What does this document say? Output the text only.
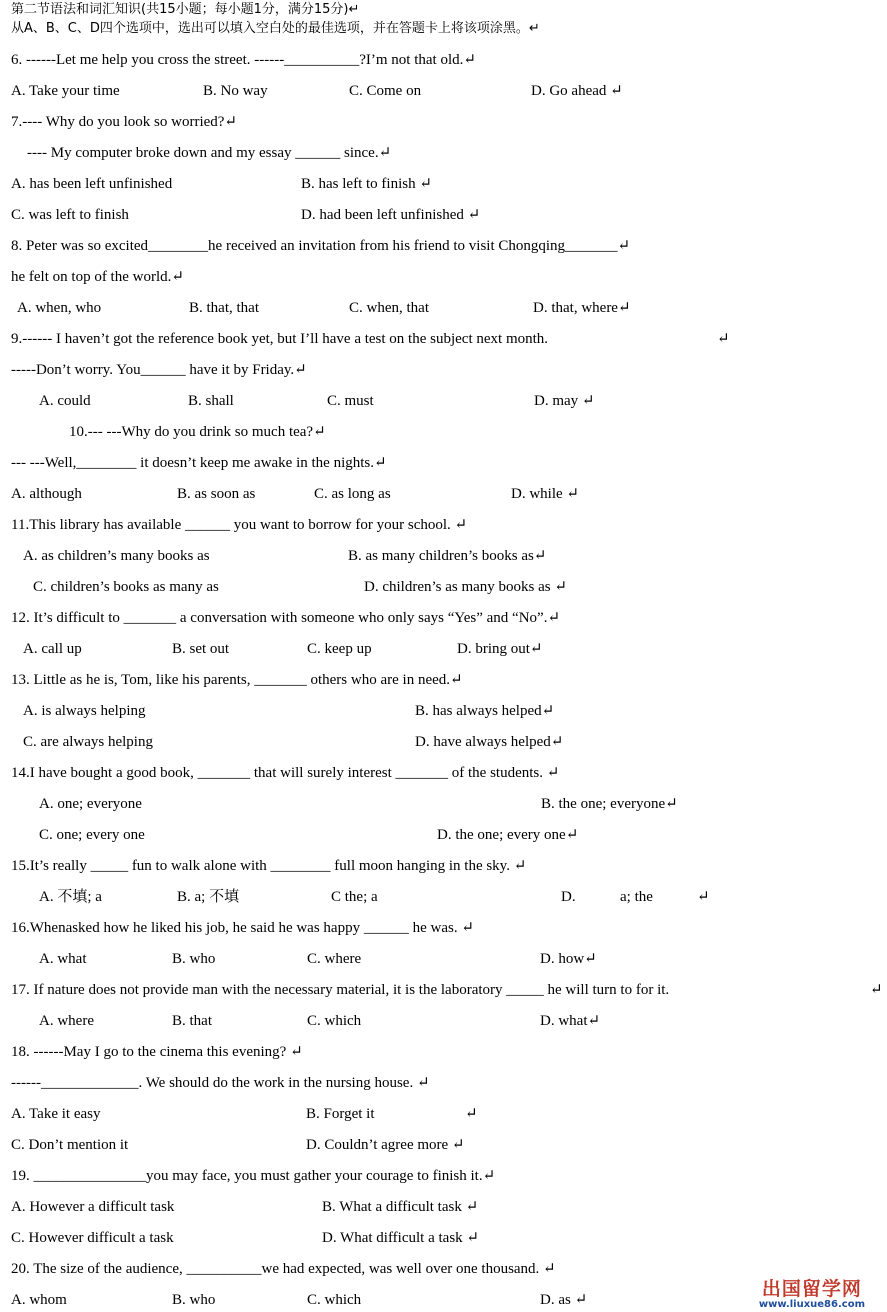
第二节语法和词汇知识(共15小题；每小题1分，满分15分)↵
从A、B、C、D四个选项中，选出可以填入空白处的最佳选项，并在答题卡上将该项涂黑。↵
6. ------Let me help you cross the street. ------__________?I’m not that old.↵
A. Take your time	B. No way	C. Come on	D. Go ahead ↵
7.---- Why do you look so worried?↵
---- My computer broke down and my essay ______ since.↵
A. has been left unfinished	B. has left to finish ↵
C. was left to finish	D. had been left unfinished ↵
8. Peter was so excited________he received an invitation from his friend to visit Chongqing_______↵
he felt on top of the world.↵
A. when, who	B. that, that	C. when, that	D. that, where↵
9.------ I haven’t got the reference book yet, but I’ll have a test on the subject next month.	↵
-----Don’t worry. You______ have it by Friday.↵
A. could	B. shall	C. must	D. may ↵
10.--- ---Why do you drink so much tea?↵
--- ---Well,________ it doesn’t keep me awake in the nights.↵
A. although	B. as soon as	C. as long as	D. while ↵
11.This library has available ______ you want to borrow for your school. ↵
A. as children’s many books as	B. as many children’s books as↵
C. children’s books as many as	D. children’s as many books as ↵
12. It’s difficult to _______ a conversation with someone who only says “Yes” and “No”.↵
A. call up	B. set out	C. keep up	D. bring out↵
13. Little as he is, Tom, like his parents, _______ others who are in need.↵
A. is always helping	B. has always helped↵
C. are always helping	D. have always helped↵
14.I have bought a good book, _______ that will surely interest _______ of the students. ↵
A. one; everyone	B. the one; everyone↵
C. one; every one	D. the one; every one↵
15.It’s really _____ fun to walk alone with ________ full moon hanging in the sky. ↵
A. 不填; a	B. a; 不填	C the; a	D.	a; the	↵
16.Whenasked how he liked his job, he said he was happy ______ he was. ↵
A. what	B. who	C. where	D. how↵
17. If nature does not provide man with the necessary material, it is the laboratory _____ he will turn to for it.	↵
A. where	B. that	C. which	D. what↵
18. ------May I go to the cinema this evening? ↵
------_____________. We should do the work in the nursing house. ↵
A. Take it easy	B. Forget it	↵
C. Don’t mention it	D. Couldn’t agree more ↵
19. _______________you may face, you must gather your courage to finish it.↵
A. However a difficult task	B. What a difficult task ↵
C. However difficult a task	D. What difficult a task ↵
20. The size of the audience, __________we had expected, was well over one thousand. ↵
A. whom	B. who	C. which	D. as ↵	出国留学网
www.liuxue86.com
